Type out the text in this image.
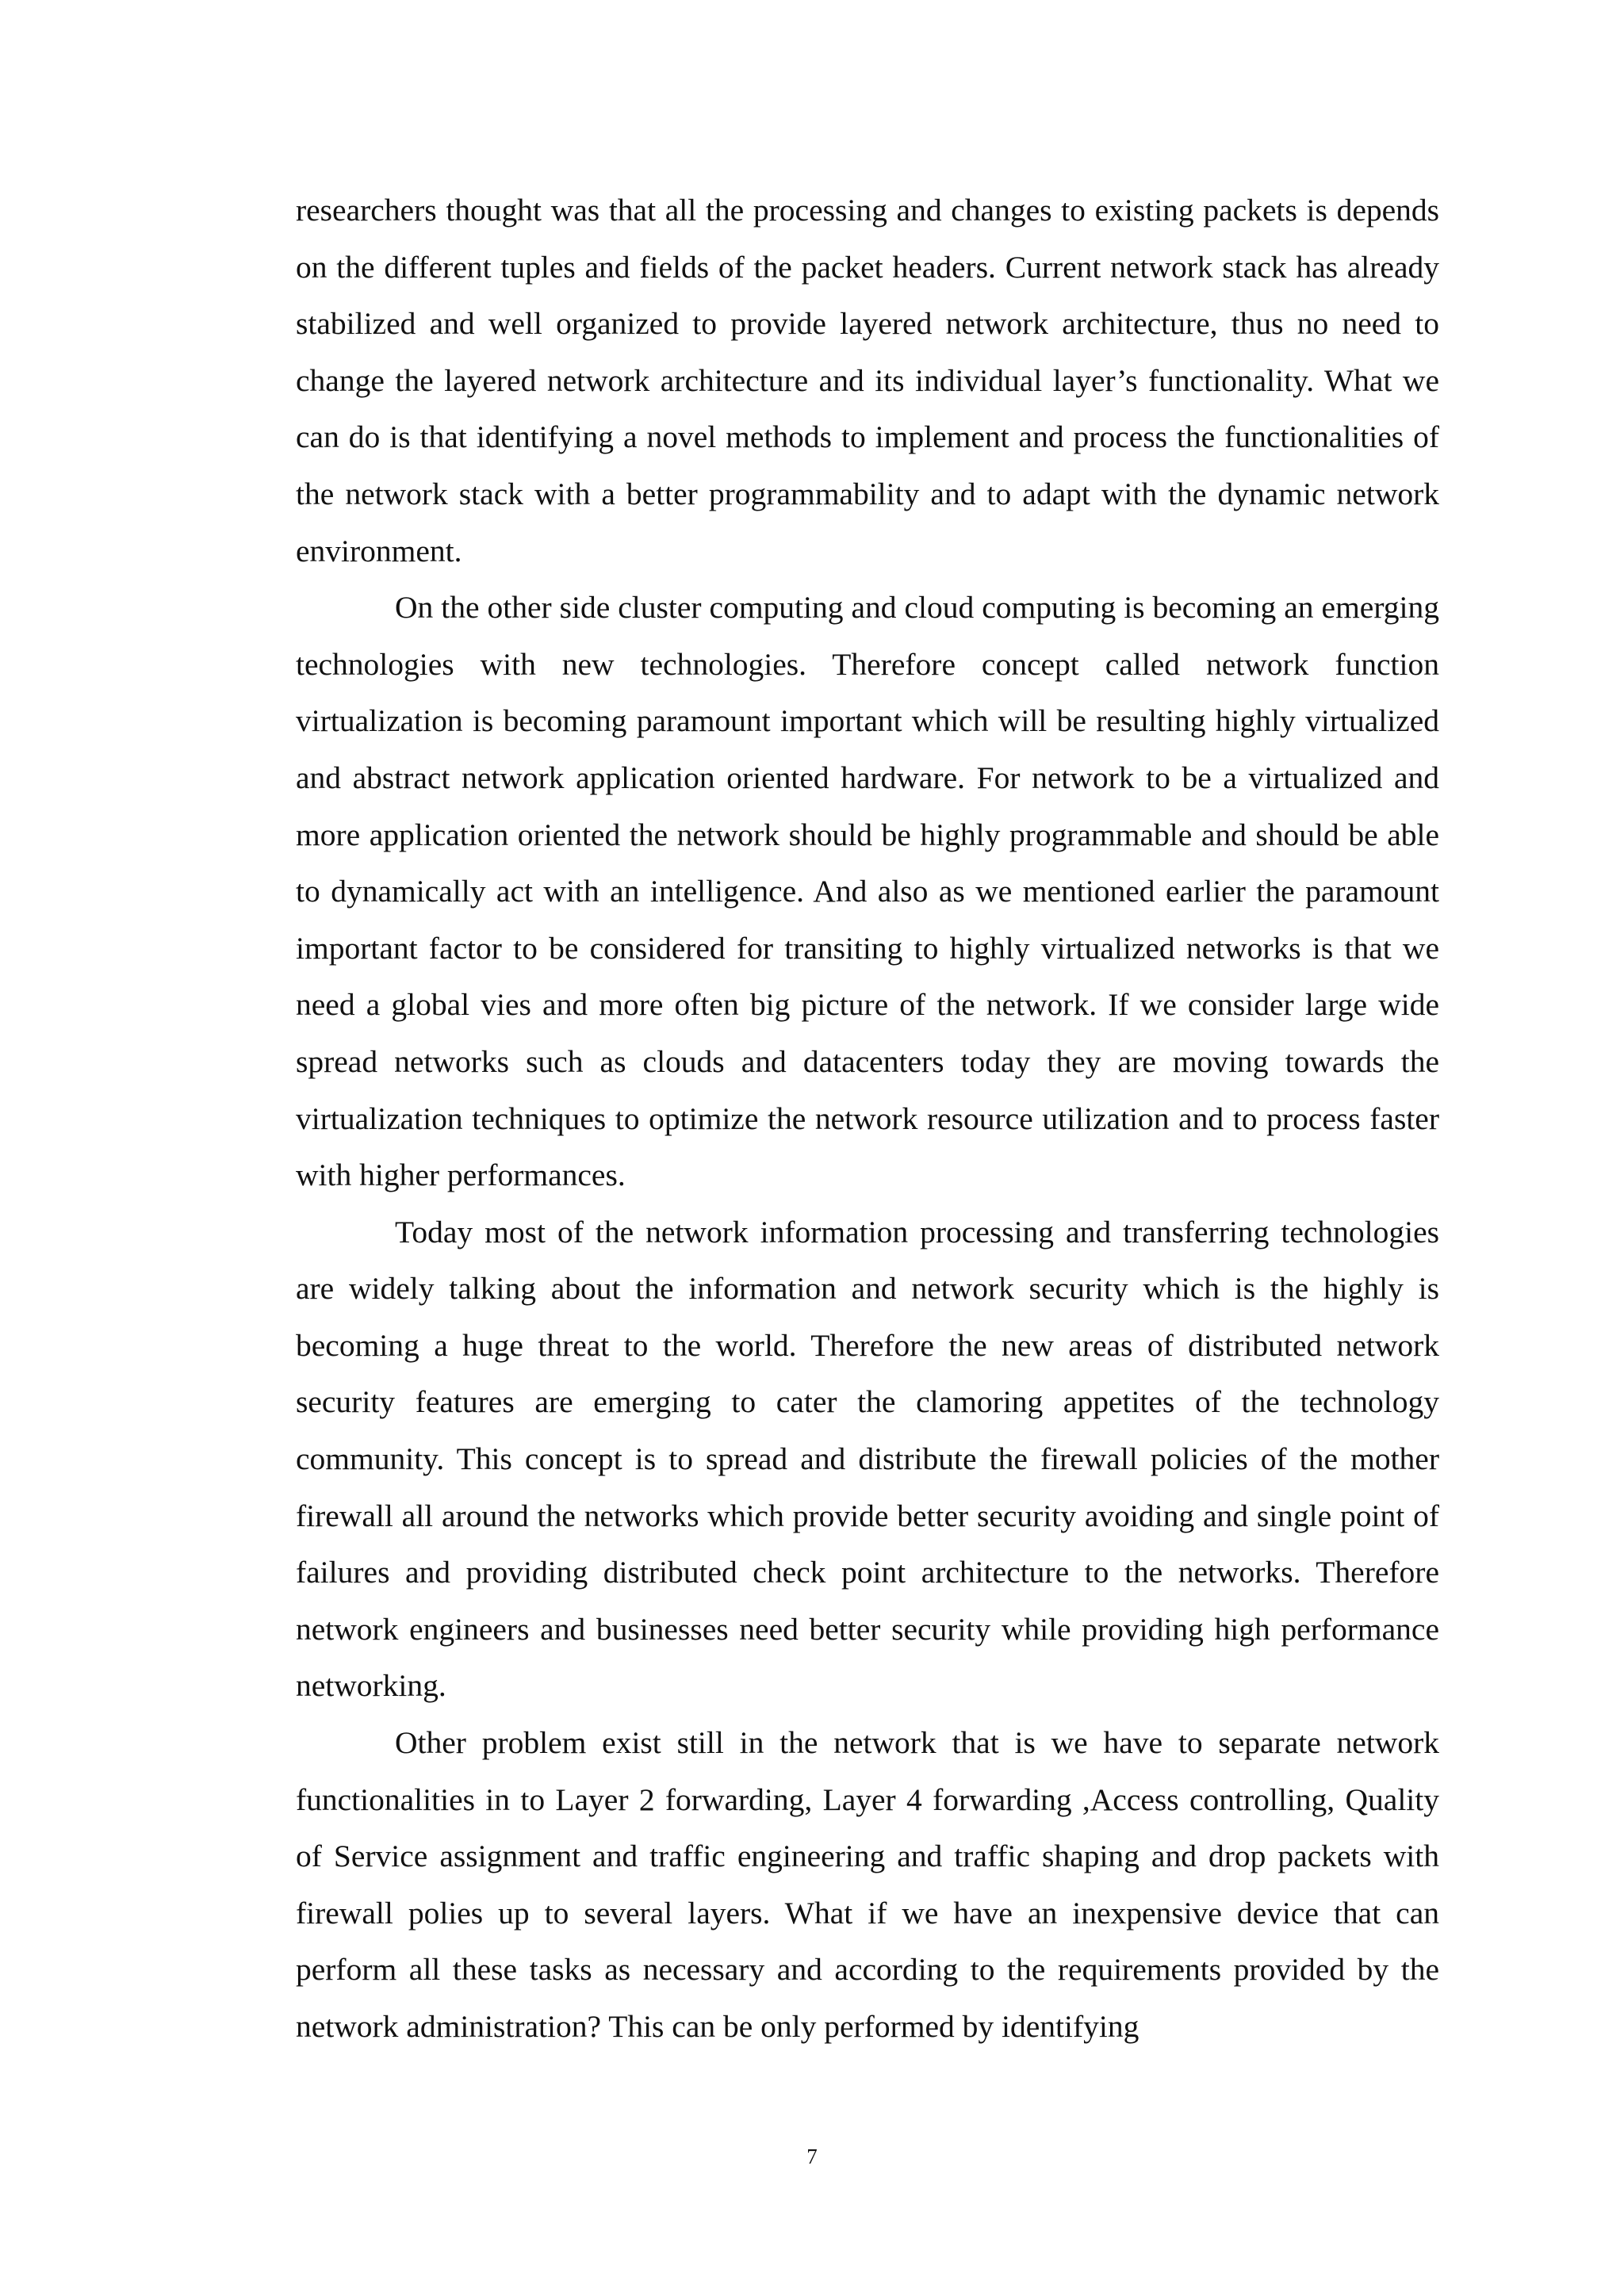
researchers thought was that all the processing and changes to existing packets is depends on the different tuples and fields of the packet headers. Current network stack has already stabilized and well organized to provide layered network architecture, thus no need to change the layered network architecture and its individual layer’s functionality. What we can do is that identifying a novel methods to implement and process the functionalities of the network stack with a better programmability and to adapt with the dynamic network environment.

On the other side cluster computing and cloud computing is becoming an emerging technologies with new technologies. Therefore concept called network function virtualization is becoming paramount important which will be resulting highly virtualized and abstract network application oriented hardware. For network to be a virtualized and more application oriented the network should be highly programmable and should be able to dynamically act with an intelligence. And also as we mentioned earlier the paramount important factor to be considered for transiting to highly virtualized networks is that we need a global vies and more often big picture of the network. If we consider large wide spread networks such as clouds and datacenters today they are moving towards the virtualization techniques to optimize the network resource utilization and to process faster with higher performances.

Today most of the network information processing and transferring technologies are widely talking about the information and network security which is the highly is becoming a huge threat to the world. Therefore the new areas of distributed network security features are emerging to cater the clamoring appetites of the technology community. This concept is to spread and distribute the firewall policies of the mother firewall all around the networks which provide better security avoiding and single point of failures and providing distributed check point architecture to the networks. Therefore network engineers and businesses need better security while providing high performance networking.

Other problem exist still in the network that is we have to separate network functionalities in to Layer 2 forwarding, Layer 4 forwarding ,Access controlling, Quality of Service assignment and traffic engineering and traffic shaping and drop packets with firewall polies up to several layers. What if we have an inexpensive device that can perform all these tasks as necessary and according to the requirements provided by the network administration? This can be only performed by identifying

7
